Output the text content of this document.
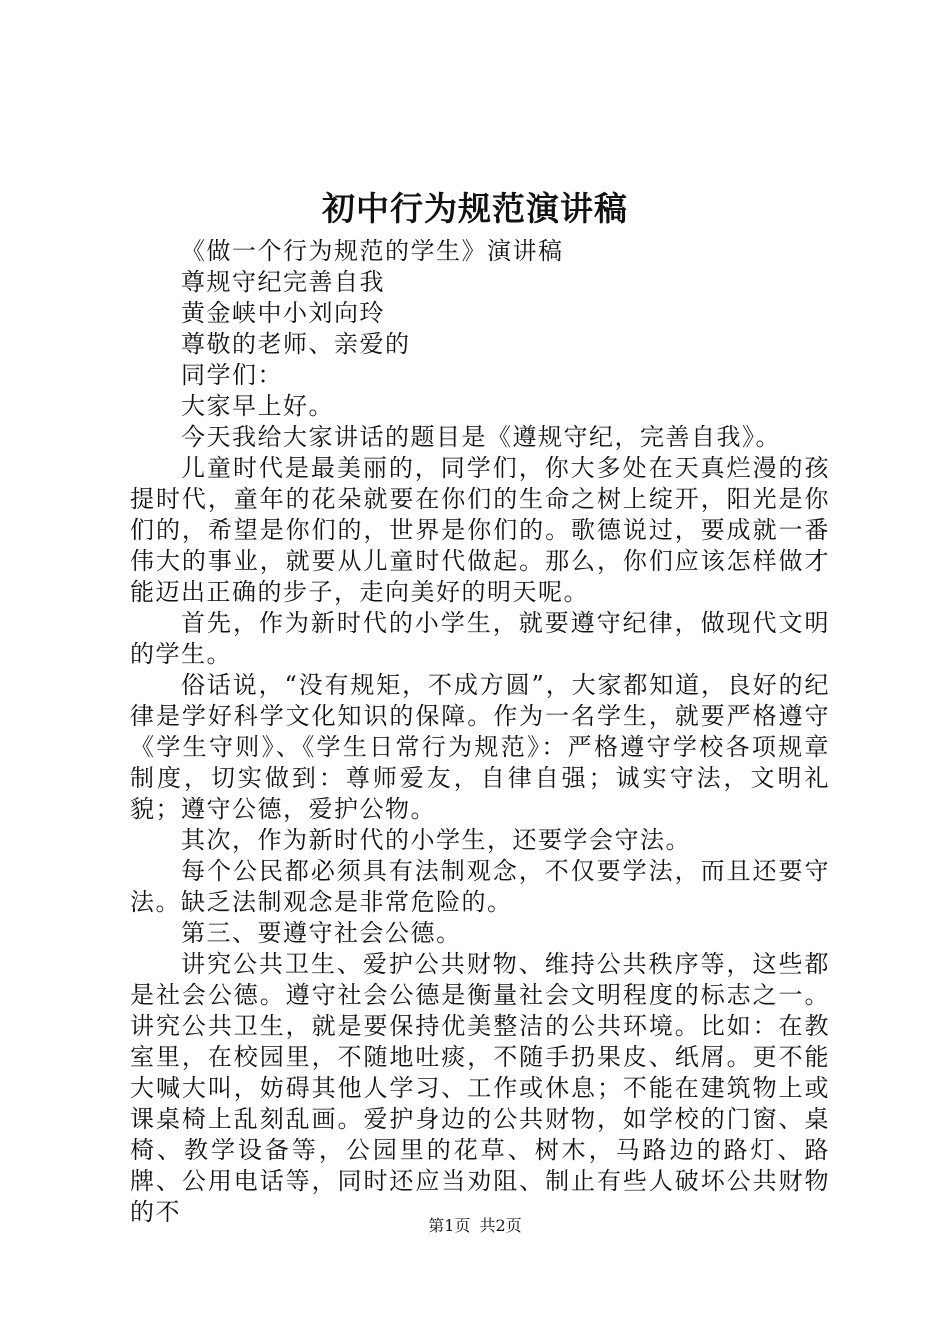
初中行为规范演讲稿

《做一个行为规范的学生》演讲稿

尊规守纪完善自我

黄金峡中小刘向玲

尊敬的老师、亲爱的

同学们：

大家早上好。

今天我给大家讲话的题目是《遵规守纪，完善自我》。

儿童时代是最美丽的，同学们，你大多处在天真烂漫的孩提时代，童年的花朵就要在你们的生命之树上绽开，阳光是你们的，希望是你们的，世界是你们的。歌德说过，要成就一番伟大的事业，就要从儿童时代做起。那么，你们应该怎样做才能迈出正确的步子，走向美好的明天呢。

首先，作为新时代的小学生，就要遵守纪律，做现代文明的学生。

俗话说，“没有规矩，不成方圆”，大家都知道，良好的纪律是学好科学文化知识的保障。作为一名学生，就要严格遵守《学生守则》、《学生日常行为规范》：严格遵守学校各项规章制度，切实做到：尊师爱友，自律自强；诚实守法，文明礼貌；遵守公德，爱护公物。

其次，作为新时代的小学生，还要学会守法。

每个公民都必须具有法制观念，不仅要学法，而且还要守法。缺乏法制观念是非常危险的。

第三、要遵守社会公德。

讲究公共卫生、爱护公共财物、维持公共秩序等，这些都是社会公德。遵守社会公德是衡量社会文明程度的标志之一。讲究公共卫生，就是要保持优美整洁的公共环境。比如：在教室里，在校园里，不随地吐痰，不随手扔果皮、纸屑。更不能大喊大叫，妨碍其他人学习、工作或休息；不能在建筑物上或课桌椅上乱刻乱画。爱护身边的公共财物，如学校的门窗、桌椅、教学设备等，公园里的花草、树木，马路边的路灯、路牌、公用电话等，同时还应当劝阻、制止有些人破坏公共财物的不	第1页 共2页
